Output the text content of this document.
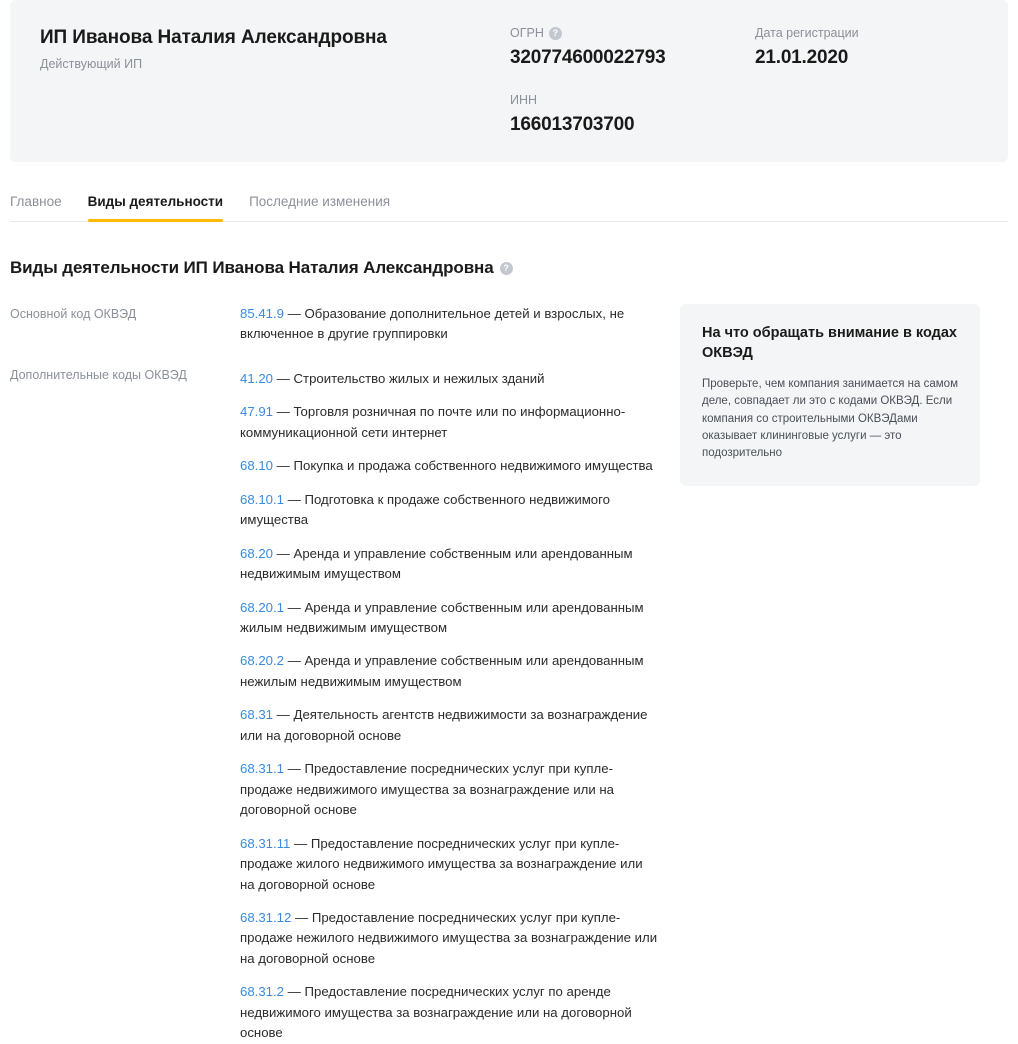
ИП Иванова Наталия Александровна
Действующий ИП
ОГРН ?
320774600022793
ИНН
166013703700
Дата регистрации
21.01.2020
Главное Виды деятельности Последние изменения
Виды деятельности ИП Иванова Наталия Александровна ?
Основной код ОКВЭД
Дополнительные коды ОКВЭД
85.41.9 — Образование дополнительное детей и взрослых, не включенное в другие группировки
41.20 — Строительство жилых и нежилых зданий
47.91 — Торговля розничная по почте или по информационно-коммуникационной сети интернет
68.10 — Покупка и продажа собственного недвижимого имущества
68.10.1 — Подготовка к продаже собственного недвижимого имущества
68.20 — Аренда и управление собственным или арендованным недвижимым имуществом
68.20.1 — Аренда и управление собственным или арендованным жилым недвижимым имуществом
68.20.2 — Аренда и управление собственным или арендованным нежилым недвижимым имуществом
68.31 — Деятельность агентств недвижимости за вознаграждение или на договорной основе
68.31.1 — Предоставление посреднических услуг при купле-продаже недвижимого имущества за вознаграждение или на договорной основе
68.31.11 — Предоставление посреднических услуг при купле-продаже жилого недвижимого имущества за вознаграждение или на договорной основе
68.31.12 — Предоставление посреднических услуг при купле-продаже нежилого недвижимого имущества за вознаграждение или на договорной основе
68.31.2 — Предоставление посреднических услуг по аренде недвижимого имущества за вознаграждение или на договорной основе
На что обращать внимание в кодах ОКВЭД
Проверьте, чем компания занимается на самом деле, совпадает ли это с кодами ОКВЭД. Если компания со строительными ОКВЭДами оказывает клининговые услуги — это подозрительно
